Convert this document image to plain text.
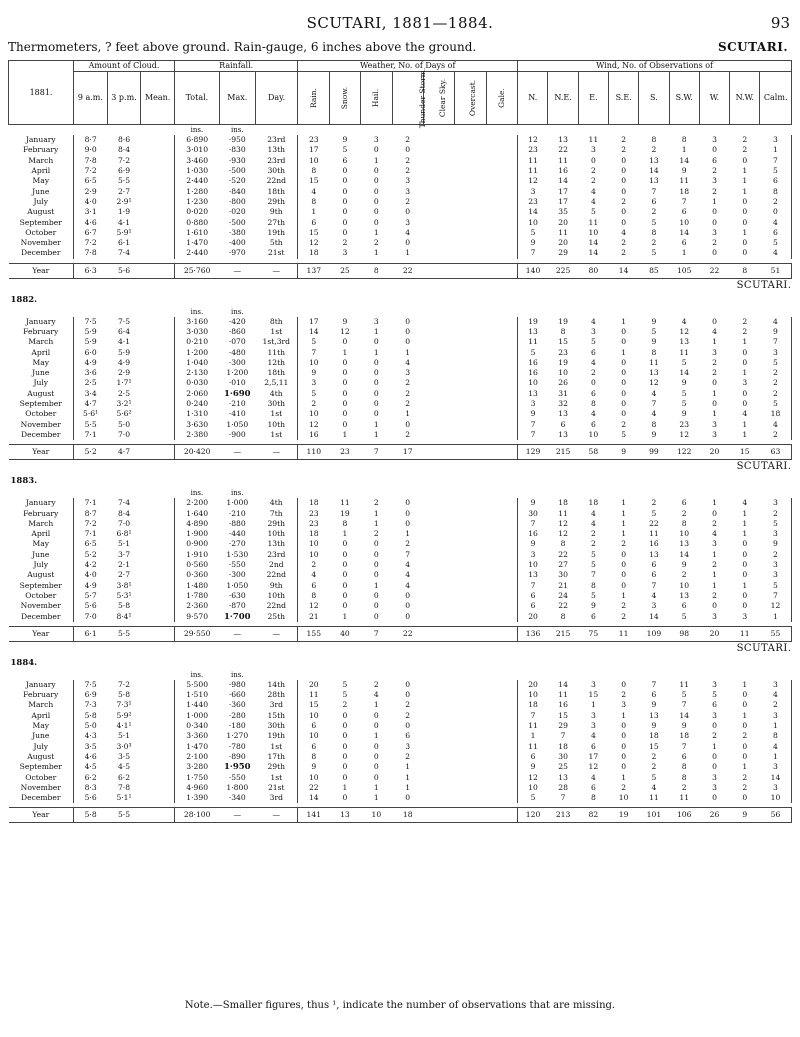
SCUTARI, 1881—1884.	93
Thermometers, ? feet above ground. Rain-gauge, 6 inches above the ground.	SCUTARI.
1881.	Amount of Cloud.			Rainfall.			Weather, No. of Days of							Wind, No. of Observations of								
	9 a.m.	3 p.m.	Mean.	Total.	Max.	Day.	Rain.	Snow.	Hail.	Thunder Storm.	Clear Sky.	Overcast.	Gale.	N.	N.E.	E.	S.E.	S.	S.W.	W.	N.W.	Calm.
				ins.	ins.																	
January	8·7	8·6		6·890	·950	23rd	23	9	3	2				12	13	11	2	8	8	3	2	3
February	9·0	8·4		3·010	·830	13th	17	5	0	0				23	22	3	2	2	1	0	2	1
March	7·8	7·2		3·460	·930	23rd	10	6	1	2				11	11	0	0	13	14	6	0	7
April	7·2	6·9		1·030	·500	30th	8	0	0	2				11	16	2	0	14	9	2	1	5
May	6·5	5·5		2·440	·520	22nd	15	0	0	3				12	14	2	0	13	11	3	1	6
June	2·9	2·7		1·280	·840	18th	4	0	0	3				3	17	4	0	7	18	2	1	8
July	4·0	2·9¹		1·230	·800	29th	8	0	0	2				23	17	4	2	6	7	1	0	2
August	3·1	1·9		0·020	·020	9th	1	0	0	0				14	35	5	0	2	6	0	0	0
September	4·6	4·1		0·880	·500	27th	6	0	0	3				10	20	11	0	5	10	0	0	4
October	6·7	5·9¹		1·610	·380	19th	15	0	1	4				5	11	10	4	8	14	3	1	6
November	7·2	6·1		1·470	·400	5th	12	2	2	0				9	20	14	2	2	6	2	0	5
December	7·8	7·4		2·440	·970	21st	18	3	1	1				7	29	14	2	5	1	0	0	4

Year	6·3	5·6		25·760	—	—	137	25	8	22				140	225	80	14	85	105	22	8	51
SCUTARI.																						
1882.																						
				ins.	ins.																	
January	7·5	7·5		3·160	·420	8th	17	9	3	0				19	19	4	1	9	4	0	2	4
February	5·9	6·4		3·030	·860	1st	14	12	1	0				13	8	3	0	5	12	4	2	9
March	5·9	4·1		0·210	·070	1st,3rd	5	0	0	0				11	15	5	0	9	13	1	1	7
April	6·0	5·9		1·200	·480	11th	7	1	1	1				5	23	6	1	8	11	3	0	3
May	4·9	4·9		1·040	·300	12th	10	0	0	4				16	19	4	0	11	5	2	0	5
June	3·6	2·9		2·130	1·200	18th	9	0	0	3				16	10	2	0	13	14	2	1	2
July	2·5	1·7¹		0·030	·010	2,5,11	3	0	0	2				10	26	0	0	12	9	0	3	2
August	3·4	2·5		2·060	1·690	4th	5	0	0	2				13	31	6	0	4	5	1	0	2
September	4·7	3·2¹		0·240	·210	30th	2	0	0	2				3	32	8	0	7	5	0	0	5
October	5·6¹	5·6²		1·310	·410	1st	10	0	0	1				9	13	4	0	4	9	1	4	18
November	5·5	5·0		3·630	1·050	10th	12	0	1	0				7	6	6	2	8	23	3	1	4
December	7·1	7·0		2·380	·900	1st	16	1	1	2				7	13	10	5	9	12	3	1	2

Year	5·2	4·7		20·420	—	—	110	23	7	17				129	215	58	9	99	122	20	15	63
SCUTARI.																						
1883.																						
				ins.	ins.																	
January	7·1	7·4		2·200	1·000	4th	18	11	2	0				9	18	18	1	2	6	1	4	3
February	8·7	8·4		1·640	·210	7th	23	19	1	0				30	11	4	1	5	2	0	1	2
March	7·2	7·0		4·890	·880	29th	23	8	1	0				7	12	4	1	22	8	2	1	5
April	7·1	6·8¹		1·900	·440	10th	18	1	2	1				16	12	2	1	11	10	4	1	3
May	6·5	5·1		0·900	·270	13th	10	0	0	2				9	8	2	2	16	13	3	0	9
June	5·2	3·7		1·910	1·530	23rd	10	0	0	7				3	22	5	0	13	14	1	0	2
July	4·2	2·1		0·560	·550	2nd	2	0	0	4				10	27	5	0	6	9	2	0	3
August	4·0	2·7		0·360	·300	22nd	4	0	0	4				13	30	7	0	6	2	1	0	3
September	4·9	3·8¹		1·480	1·050	9th	6	0	1	4				7	21	8	0	7	10	1	1	5
October	5·7	5·3¹		1·780	·630	10th	8	0	0	0				6	24	5	1	4	13	2	0	7
November	5·6	5·8		2·360	·870	22nd	12	0	0	0				6	22	9	2	3	6	0	0	12
December	7·0	8·4¹		9·570	1·700	25th	21	1	0	0				20	8	6	2	14	5	3	3	1

Year	6·1	5·5		29·550	—	—	155	40	7	22				136	215	75	11	109	98	20	11	55
SCUTARI.																						
1884.																						
				ins.	ins.																	
January	7·5	7·2		5·500	·980	14th	20	5	2	0				20	14	3	0	7	11	3	1	3
February	6·9	5·8		1·510	·660	28th	11	5	4	0				10	11	15	2	6	5	5	0	4
March	7·3	7·3¹		1·440	·360	3rd	15	2	1	2				18	16	1	3	9	7	6	0	2
April	5·8	5·9²		1·000	·280	15th	10	0	0	2				7	15	3	1	13	14	3	1	3
May	5·0	4·1¹		0·340	·180	30th	6	0	0	0				11	29	3	0	9	9	0	0	1
June	4·3	5·1		3·360	1·270	19th	10	0	1	6				1	7	4	0	18	18	2	2	8
July	3·5	3·0³		1·470	·780	1st	6	0	0	3				11	18	6	0	15	7	1	0	4
August	4·6	3·5		2·100	·890	17th	8	0	0	2				6	30	17	0	2	6	0	0	1
September	4·5	4·5		3·280	1·950	29th	9	0	0	1				9	25	12	0	2	8	0	1	3
October	6·2	6·2		1·750	·550	1st	10	0	0	1				12	13	4	1	5	8	3	2	14
November	8·3	7·8		4·960	1·800	21st	22	1	1	1				10	28	6	2	4	2	3	2	3
December	5·6	5·1¹		1·390	·340	3rd	14	0	1	0				5	7	8	10	11	11	0	0	10

Year	5·8	5·5		28·100	—	—	141	13	10	18				120	213	82	19	101	106	26	9	56
Note.—Smaller figures, thus ¹, indicate the number of observations that are missing.
